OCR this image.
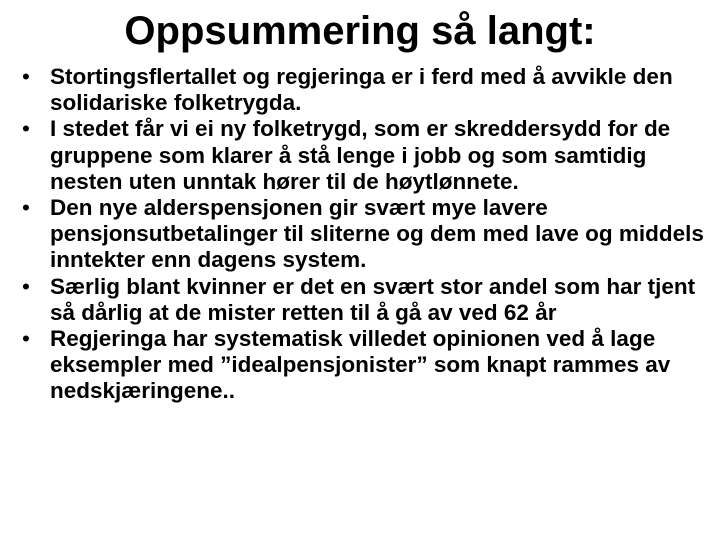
Oppsummering så langt:
• Stortingsflertallet og regjeringa er i ferd med å avvikle den solidariske folketrygda.
• I stedet får vi ei ny folketrygd, som er skreddersydd for de gruppene som klarer å stå lenge i jobb og som samtidig nesten uten unntak hører til de høytlønnete.
• Den nye alderspensjonen gir svært mye lavere pensjonsutbetalinger til sliterne og dem med lave og middels inntekter enn dagens system.
• Særlig blant kvinner er det en svært stor andel som har tjent så dårlig at de mister retten til å gå av ved 62 år
• Regjeringa har systematisk villedet opinionen ved å lage eksempler med ”idealpensjonister” som knapt rammes av nedskjæringene..
